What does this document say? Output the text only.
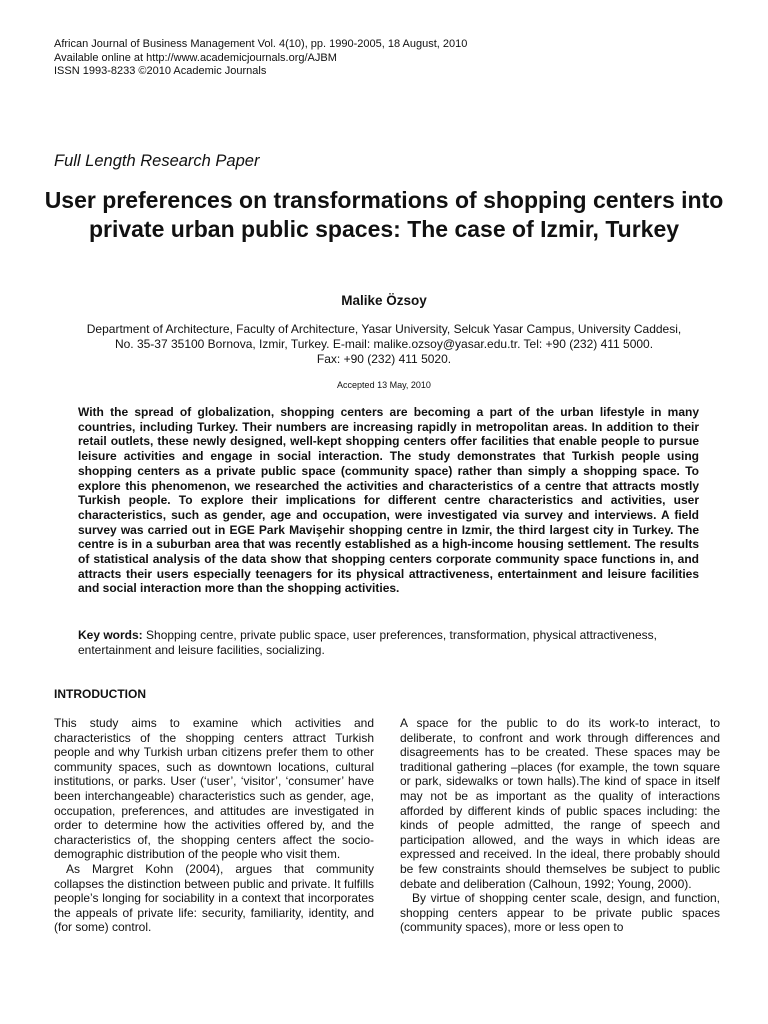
African Journal of Business Management Vol. 4(10), pp. 1990-2005, 18 August, 2010
Available online at http://www.academicjournals.org/AJBM
ISSN 1993-8233 ©2010 Academic Journals
Full Length Research Paper
User preferences on transformations of shopping centers into private urban public spaces: The case of Izmir, Turkey
Malike Özsoy
Department of Architecture, Faculty of Architecture, Yasar University, Selcuk Yasar Campus, University Caddesi,
No. 35-37 35100 Bornova, Izmir, Turkey. E-mail: malike.ozsoy@yasar.edu.tr. Tel: +90 (232) 411 5000.
Fax: +90 (232) 411 5020.
Accepted 13 May, 2010

With the spread of globalization, shopping centers are becoming a part of the urban lifestyle in many countries, including Turkey. Their numbers are increasing rapidly in metropolitan areas. In addition to their retail outlets, these newly designed, well-kept shopping centers offer facilities that enable people to pursue leisure activities and engage in social interaction. The study demonstrates that Turkish people using shopping centers as a private public space (community space) rather than simply a shopping space. To explore this phenomenon, we researched the activities and characteristics of a centre that attracts mostly Turkish people. To explore their implications for different centre characteristics and activities, user characteristics, such as gender, age and occupation, were investigated via survey and interviews. A field survey was carried out in EGE Park Mavişehir shopping centre in Izmir, the third largest city in Turkey. The centre is in a suburban area that was recently established as a high-income housing settlement. The results of statistical analysis of the data show that shopping centers corporate community space functions in, and attracts their users especially teenagers for its physical attractiveness, entertainment and leisure facilities and social interaction more than the shopping activities.

Key words: Shopping centre, private public space, user preferences, transformation, physical attractiveness, entertainment and leisure facilities, socializing.

INTRODUCTION

This study aims to examine which activities and characteristics of the shopping centers attract Turkish people and why Turkish urban citizens prefer them to other community spaces, such as downtown locations, cultural institutions, or parks. User (‘user’, ‘visitor’, ‘consumer’ have been interchangeable) characteristics such as gender, age, occupation, preferences, and attitudes are investigated in order to determine how the activities offered by, and the characteristics of, the shopping centers affect the socio-demographic distribution of the people who visit them.

As Margret Kohn (2004), argues that community collapses the distinction between public and private. It fulfills people’s longing for sociability in a context that incorporates the appeals of private life: security, familiarity, identity, and (for some) control.

A space for the public to do its work-to interact, to deliberate, to confront and work through differences and disagreements has to be created. These spaces may be traditional gathering –places (for example, the town square or park, sidewalks or town halls).The kind of space in itself may not be as important as the quality of interactions afforded by different kinds of public spaces including: the kinds of people admitted, the range of speech and participation allowed, and the ways in which ideas are expressed and received. In the ideal, there probably should be few constraints should themselves be subject to public debate and deliberation (Calhoun, 1992; Young, 2000).

By virtue of shopping center scale, design, and function, shopping centers appear to be private public spaces (community spaces), more or less open to
